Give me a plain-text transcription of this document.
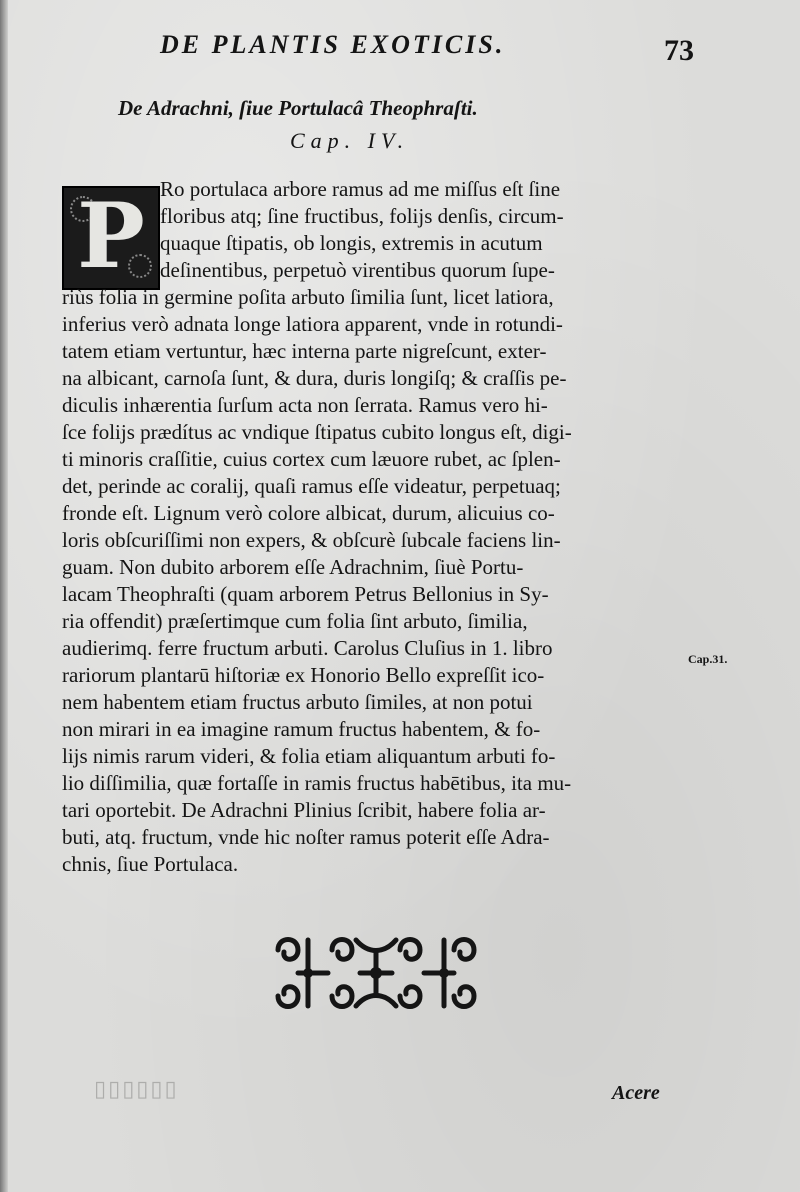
DE PLANTIS EXOTICIS.	73
De Adrachni, ſiue Portulacâ Theophraſti.
Cap. IV.
P Ro portulaca arbore ramus ad me miſſus eſt ſine
floribus atq; ſine fructibus, folijs denſis, circum-
quaque ſtipatis, ob longis, extremis in acutum
deſinentibus, perpetuò virentibus quorum ſupe-
riùs folia in germine poſita arbuto ſimilia ſunt, licet latiora,
inferius verò adnata longe latiora apparent, vnde in rotundi-
tatem etiam vertuntur, hæc interna parte nigreſcunt, exter-
na albicant, carnoſa ſunt, & dura, duris longiſq; & craſſis pe-
diculis inhærentia ſurſum acta non ſerrata. Ramus vero hi-
ſce folijs prædítus ac vndique ſtipatus cubito longus eſt, digi-
ti minoris craſſitie, cuius cortex cum læuore rubet, ac ſplen-
det, perinde ac coralij, quaſi ramus eſſe videatur, perpetuaq;
fronde eſt. Lignum verò colore albicat, durum, alicuius co-
loris obſcuriſſimi non expers, & obſcurè ſubcale faciens lin-
guam. Non dubito arborem eſſe Adrachnim, ſiuè Portu-
lacam Theophraſti (quam arborem Petrus Bellonius in Sy-
ria offendit) præſertimque cum folia ſint arbuto, ſimilia,
audierimq. ferre fructum arbuti. Carolus Cluſius in 1. libro
rariorum plantarū hiſtoriæ ex Honorio Bello expreſſit ico-
nem habentem etiam fructus arbuto ſimiles, at non potui
non mirari in ea imagine ramum fructus habentem, & fo-
lijs nimis rarum videri, & folia etiam aliquantum arbuti fo-
lio diſſimilia, quæ fortaſſe in ramis fructus habētibus, ita mu-
tari oportebit. De Adrachni Plinius ſcribit, habere folia ar-
buti, atq. fructum, vnde hic noſter ramus poterit eſſe Adra-
chnis, ſiue Portulaca.
Cap.31.
▯▯▯▯▯▯	Acere
